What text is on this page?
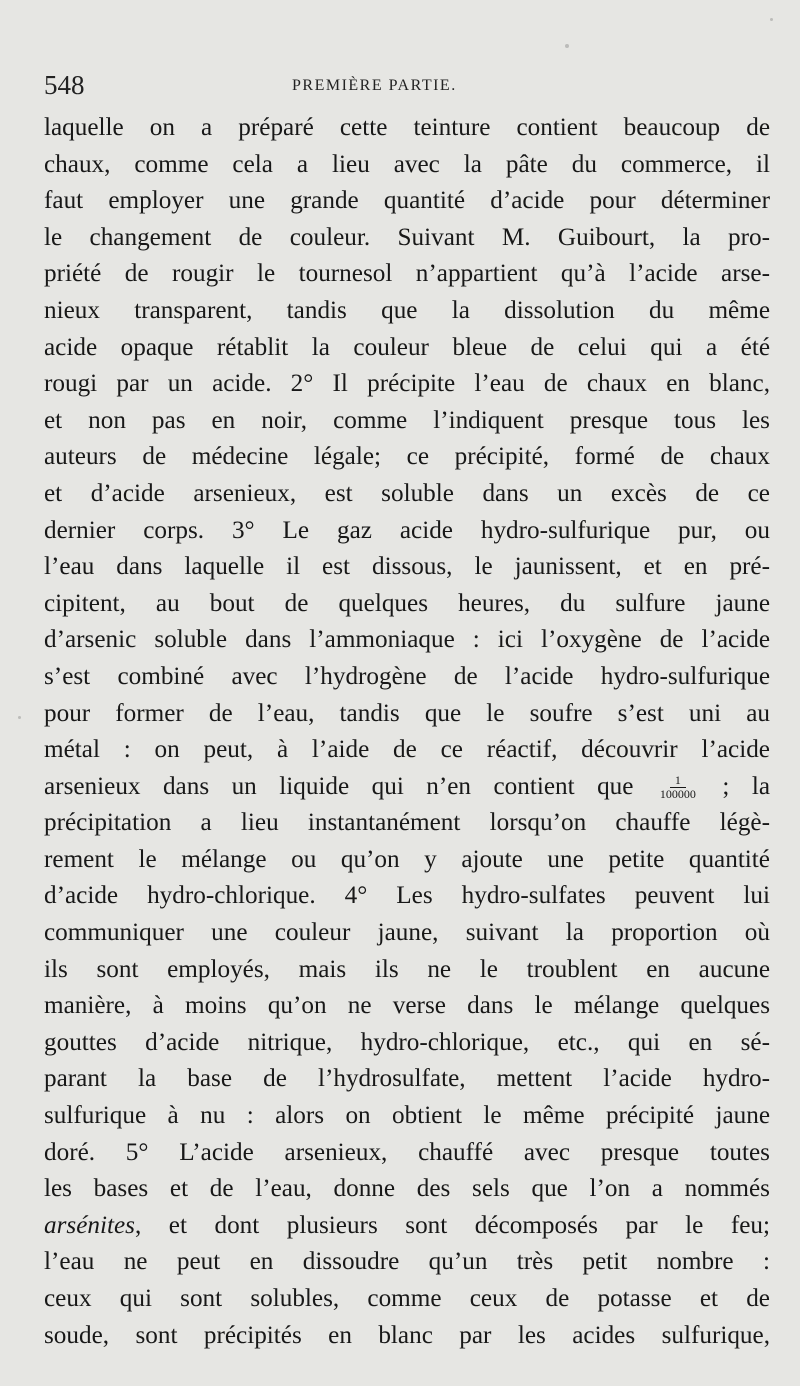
548	PREMIÈRE PARTIE.
laquelle on a préparé cette teinture contient beaucoup de
chaux, comme cela a lieu avec la pâte du commerce, il
faut employer une grande quantité d’acide pour déterminer
le changement de couleur. Suivant M. Guibourt, la pro-
priété de rougir le tournesol n’appartient qu’à l’acide arse-
nieux transparent, tandis que la dissolution du même
acide opaque rétablit la couleur bleue de celui qui a été
rougi par un acide. 2° Il précipite l’eau de chaux en blanc,
et non pas en noir, comme l’indiquent presque tous les
auteurs de médecine légale; ce précipité, formé de chaux
et d’acide arsenieux, est soluble dans un excès de ce
dernier corps. 3° Le gaz acide hydro-sulfurique pur, ou
l’eau dans laquelle il est dissous, le jaunissent, et en pré-
cipitent, au bout de quelques heures, du sulfure jaune
d’arsenic soluble dans l’ammoniaque : ici l’oxygène de l’acide
s’est combiné avec l’hydrogène de l’acide hydro-sulfurique
pour former de l’eau, tandis que le soufre s’est uni au
métal : on peut, à l’aide de ce réactif, découvrir l’acide
arsenieux dans un liquide qui n’en contient que $\frac{1}{100000}$ ; la
précipitation a lieu instantanément lorsqu’on chauffe légè-
rement le mélange ou qu’on y ajoute une petite quantité
d’acide hydro-chlorique. 4° Les hydro-sulfates peuvent lui
communiquer une couleur jaune, suivant la proportion où
ils sont employés, mais ils ne le troublent en aucune
manière, à moins qu’on ne verse dans le mélange quelques
gouttes d’acide nitrique, hydro-chlorique, etc., qui en sé-
parant la base de l’hydrosulfate, mettent l’acide hydro-
sulfurique à nu : alors on obtient le même précipité jaune
doré. 5° L’acide arsenieux, chauffé avec presque toutes
les bases et de l’eau, donne des sels que l’on a nommés
arsénites, et dont plusieurs sont décomposés par le feu;
l’eau ne peut en dissoudre qu’un très petit nombre :
ceux qui sont solubles, comme ceux de potasse et de
soude, sont précipités en blanc par les acides sulfurique,
